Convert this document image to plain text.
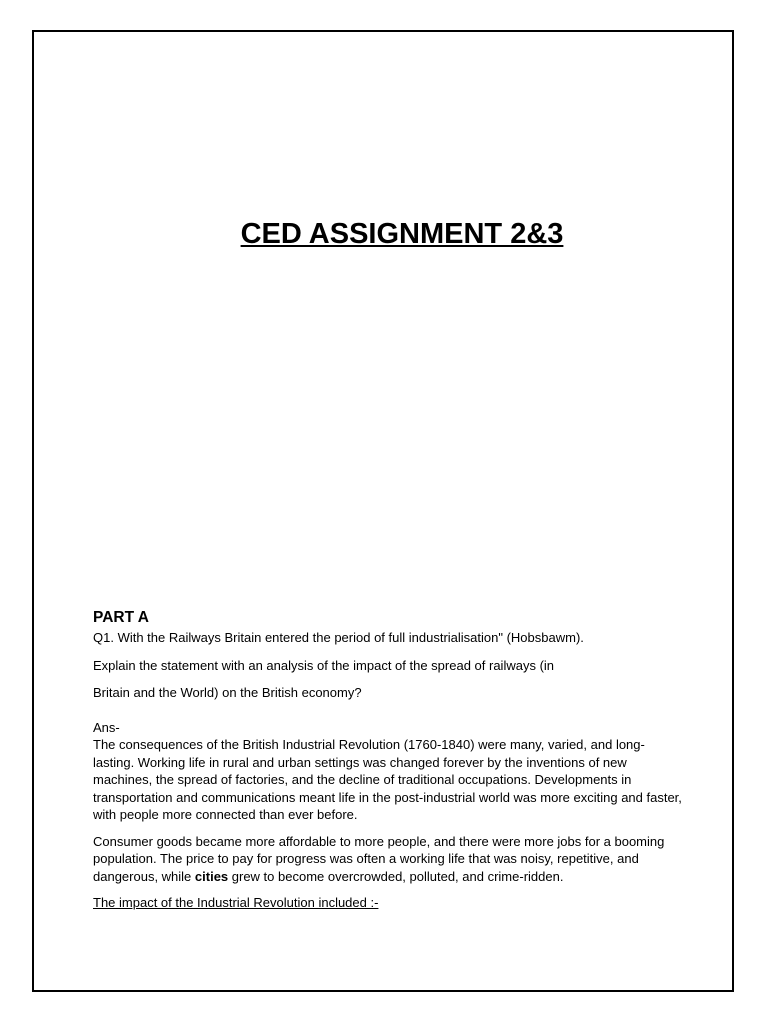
CED ASSIGNMENT 2&3
PART A

Q1. With the Railways Britain entered the period of full industrialisation" (Hobsbawm).

Explain the statement with an analysis of the impact of the spread of railways (in

Britain and the World) on the British economy?

Ans-

The consequences of the British Industrial Revolution (1760-1840) were many, varied, and long-lasting. Working life in rural and urban settings was changed forever by the inventions of new machines, the spread of factories, and the decline of traditional occupations. Developments in transportation and communications meant life in the post-industrial world was more exciting and faster, with people more connected than ever before.

Consumer goods became more affordable to more people, and there were more jobs for a booming population. The price to pay for progress was often a working life that was noisy, repetitive, and dangerous, while cities grew to become overcrowded, polluted, and crime-ridden.

The impact of the Industrial Revolution included :-
